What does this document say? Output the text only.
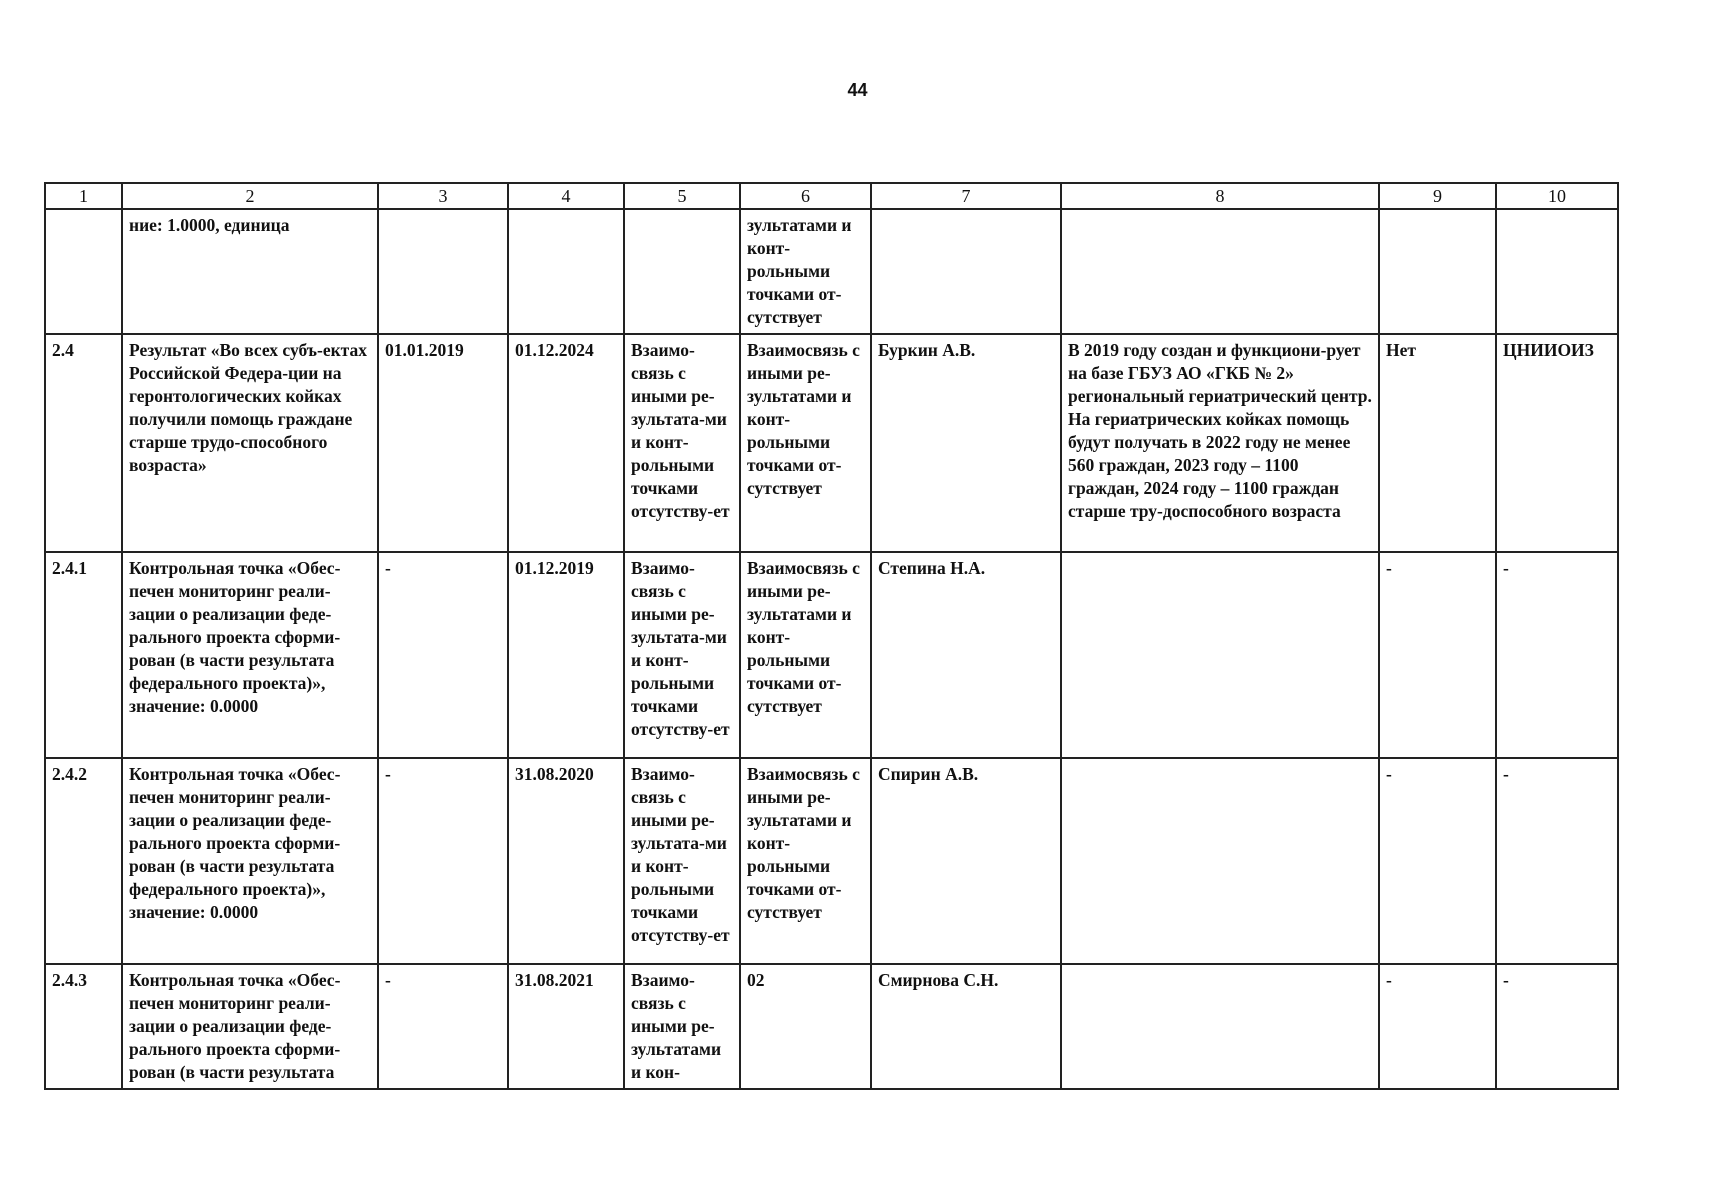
44
1	2	3	4	5	6	7	8	9	10
	ние: 1.0000, единица				зультатами и конт-рольными точками от-сутствует				
2.4	Результат «Во всех субъ-ектах Российской Федера-ции на геронтологических койках получили помощь граждане старше трудо-способного возраста»	01.01.2019	01.12.2024	Взаимо-связь с иными ре-зультата-ми и конт-рольными точками отсутству-ет	Взаимосвязь с иными ре-зультатами и конт-рольными точками от-сутствует	Буркин А.В.	В 2019 году создан и функциони-рует на базе ГБУЗ АО «ГКБ № 2» региональный гериатрический центр. На гериатрических койках помощь будут получать в 2022 году не менее 560 граждан, 2023 году – 1100 граждан, 2024 году – 1100 граждан старше тру-доспособного возраста	Нет	ЦНИИОИЗ
2.4.1	Контрольная точка «Обес-печен мониторинг реали-зации о реализации феде-рального проекта сформи-рован (в части результата федерального проекта)», значение: 0.0000	-	01.12.2019	Взаимо-связь с иными ре-зультата-ми и конт-рольными точками отсутству-ет	Взаимосвязь с иными ре-зультатами и конт-рольными точками от-сутствует	Степина Н.А.		-	-
2.4.2	Контрольная точка «Обес-печен мониторинг реали-зации о реализации феде-рального проекта сформи-рован (в части результата федерального проекта)», значение: 0.0000	-	31.08.2020	Взаимо-связь с иными ре-зультата-ми и конт-рольными точками отсутству-ет	Взаимосвязь с иными ре-зультатами и конт-рольными точками от-сутствует	Спирин А.В.		-	-
2.4.3	Контрольная точка «Обес-печен мониторинг реали-зации о реализации феде-рального проекта сформи-рован (в части результата	-	31.08.2021	Взаимо-связь с иными ре-зультатами и кон-	02	Смирнова С.Н.		-	-
